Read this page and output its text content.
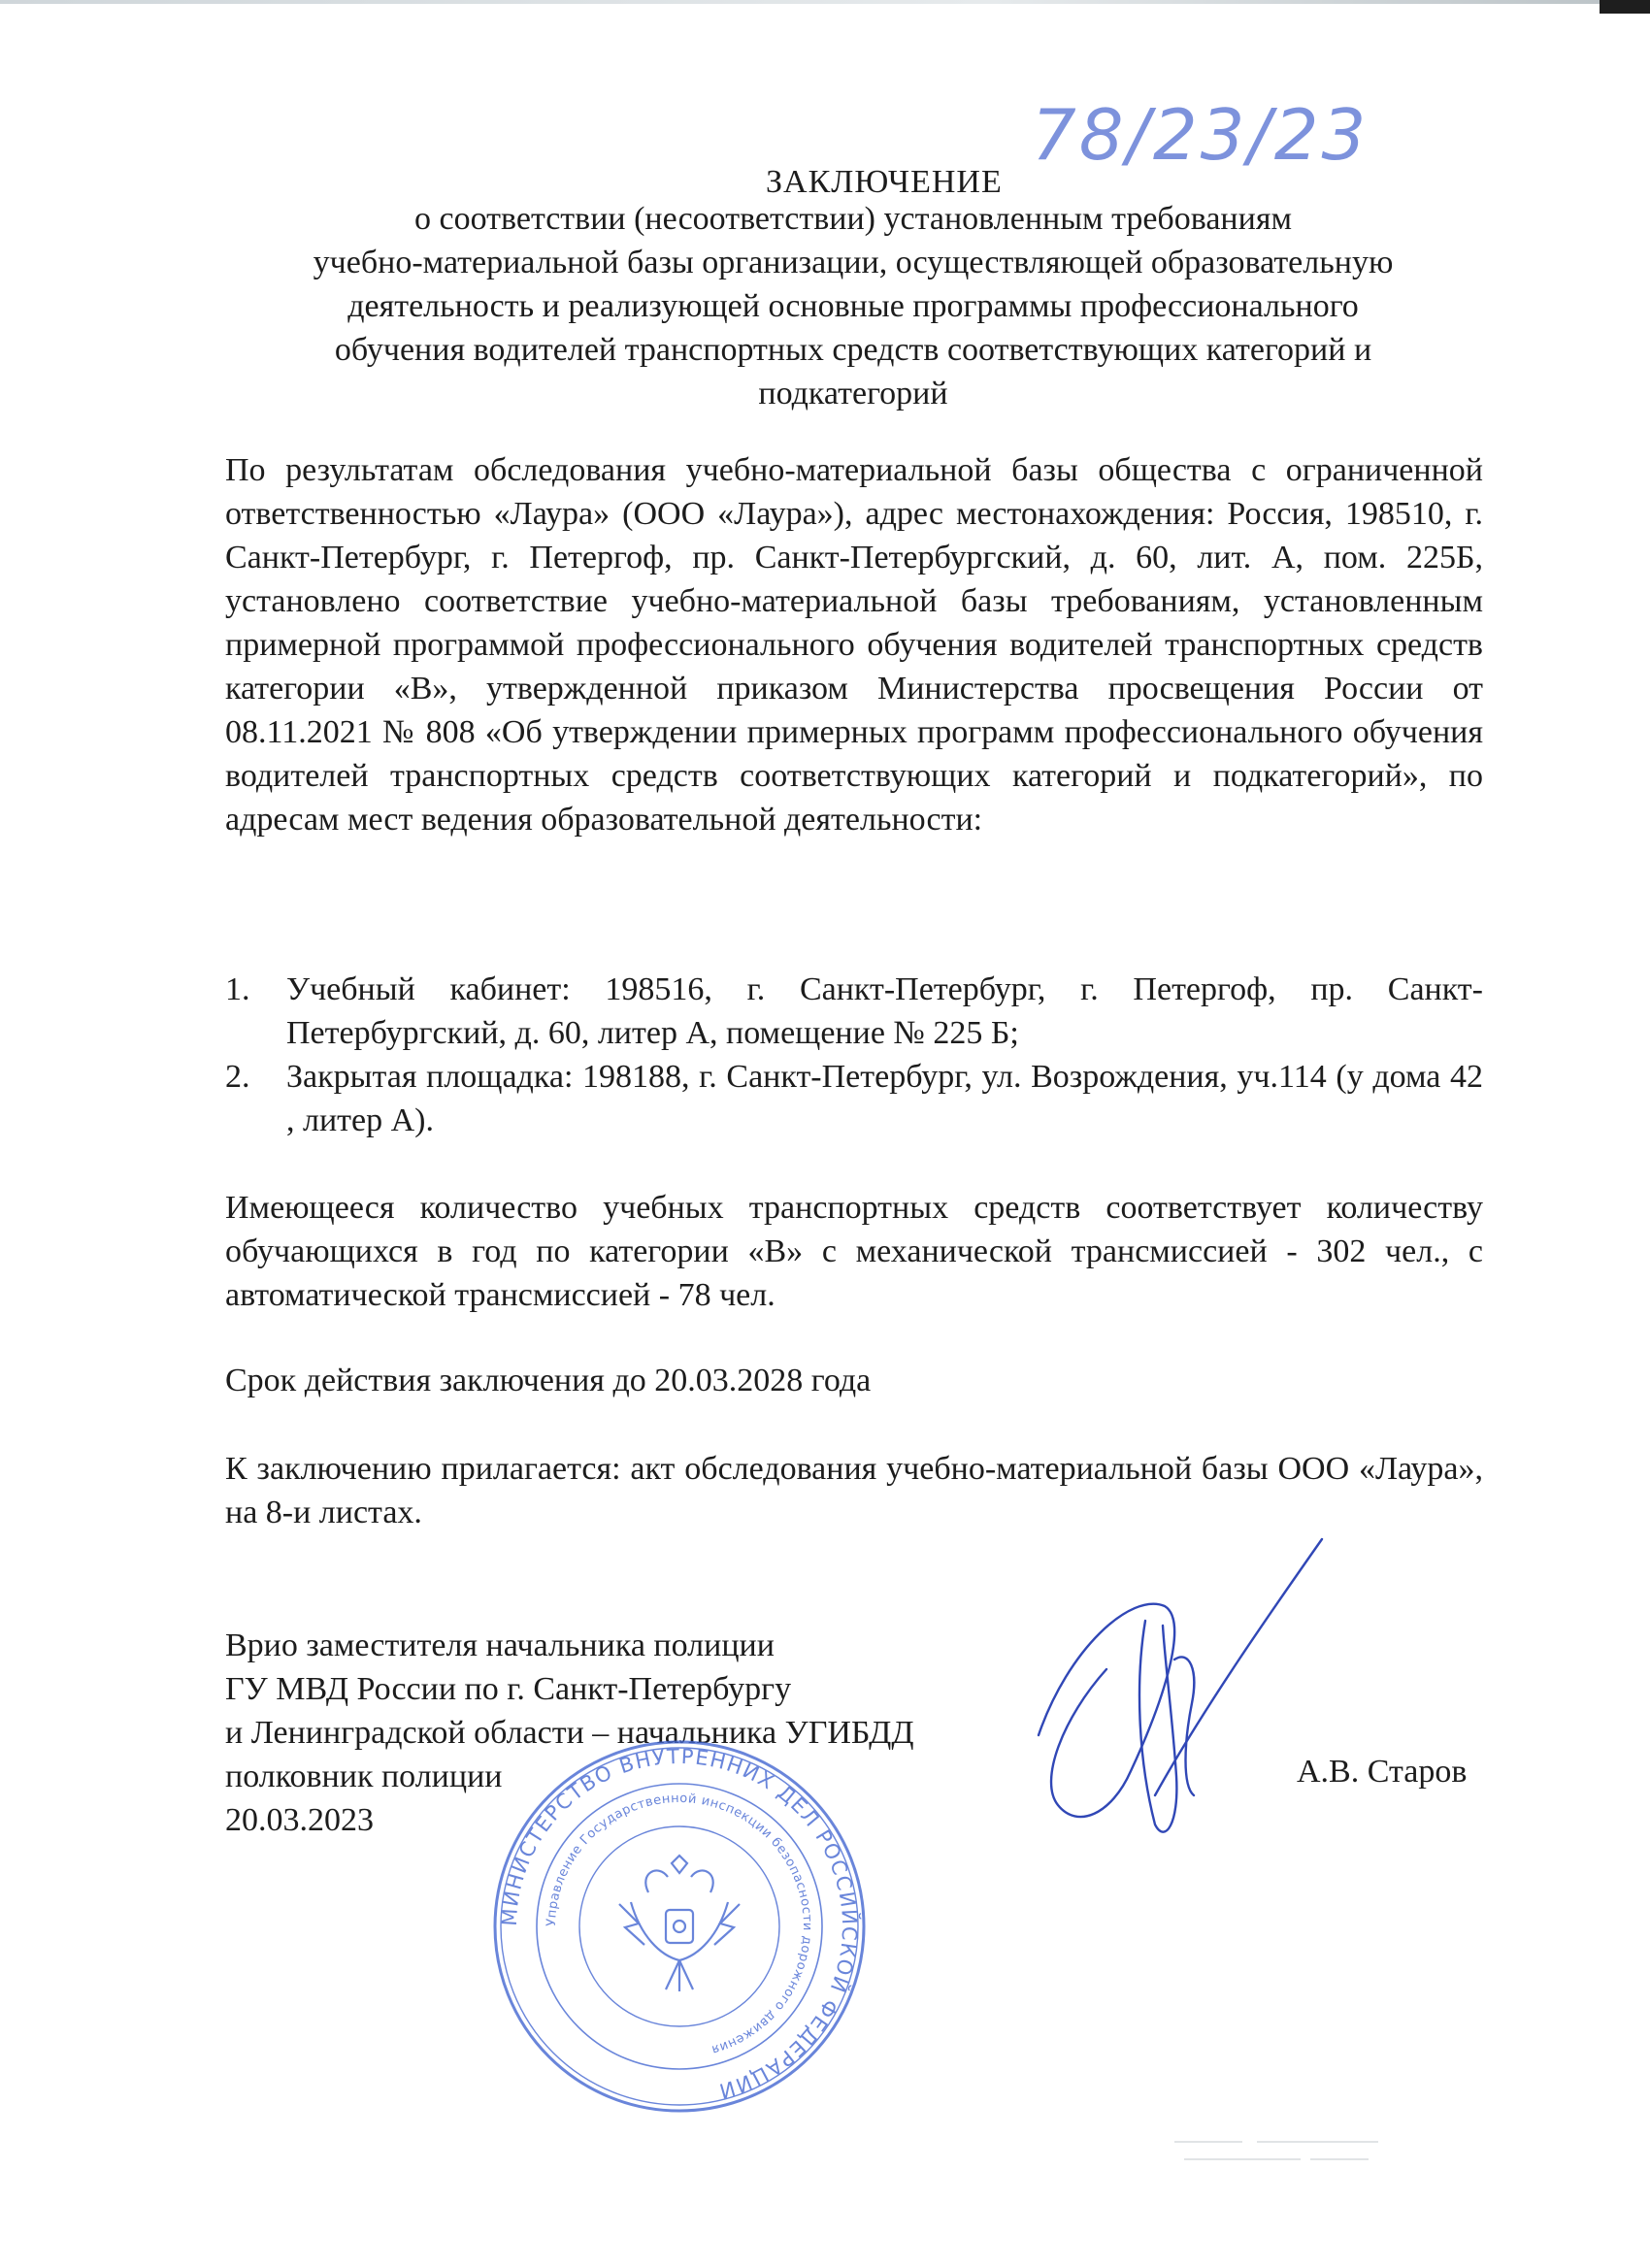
ЗАКЛЮЧЕНИЕ
78/23/23
о соответствии (несоответствии) установленным требованиям
учебно-материальной базы организации, осуществляющей образовательную
деятельность и реализующей основные программы профессионального
обучения водителей транспортных средств соответствующих категорий и
подкатегорий
По результатам обследования учебно-материальной базы общества с ограниченной ответственностью «Лаура» (ООО «Лаура»), адрес местонахождения: Россия, 198510, г. Санкт-Петербург, г. Петергоф, пр. Санкт-Петербургский, д. 60, лит. А, пом. 225Б, установлено соответствие учебно-материальной базы требованиям, установленным примерной программой профессионального обучения водителей транспортных средств категории «В», утвержденной приказом Министерства просвещения России от 08.11.2021 № 808 «Об утверждении примерных программ профессионального обучения водителей транспортных средств соответствующих категорий и подкатегорий», по адресам мест ведения образовательной деятельности:
1.	Учебный кабинет: 198516, г. Санкт-Петербург, г. Петергоф, пр. Санкт-Петербургский, д. 60, литер А, помещение № 225 Б;
2.	Закрытая площадка: 198188, г. Санкт-Петербург, ул. Возрождения, уч.114 (у дома 42 , литер А).
Имеющееся количество учебных транспортных средств соответствует количеству обучающихся в год по категории «В» с механической трансмиссией - 302 чел., с автоматической трансмиссией - 78 чел.
Срок действия заключения до 20.03.2028 года
К заключению прилагается: акт обследования учебно-материальной базы ООО «Лаура», на 8-и листах.
Врио заместителя начальника полиции
ГУ МВД России по г. Санкт-Петербургу
и Ленинградской области – начальника УГИБДД
полковник полиции
20.03.2023
А.В. Старов
МИНИСТЕРСТВО ВНУТРЕННИХ ДЕЛ РОССИЙСКОЙ ФЕДЕРАЦИИ
Управление Государственной инспекции безопасности дорожного движения
